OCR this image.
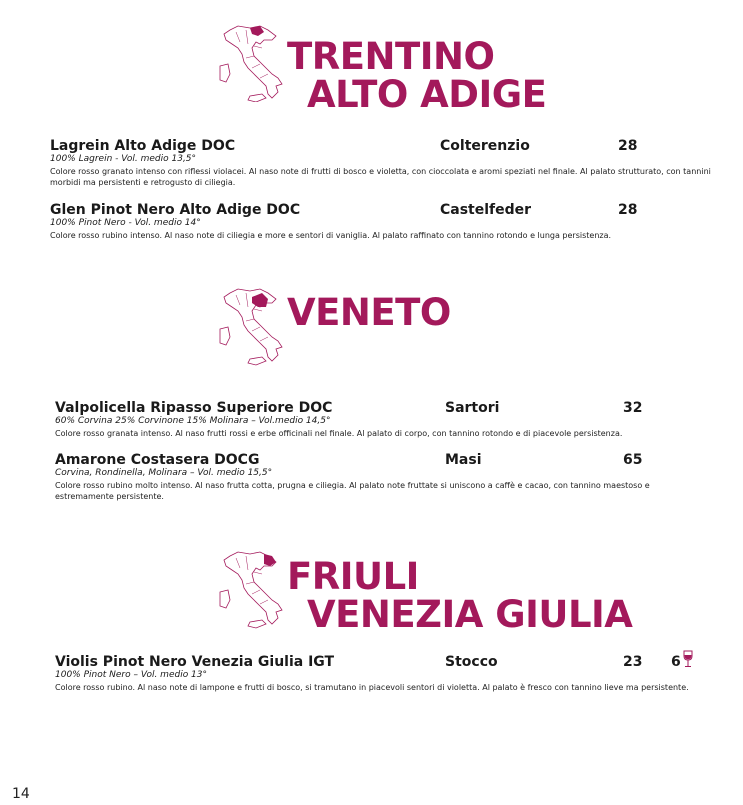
TRENTINO
ALTO ADIGE
Lagrein Alto Adige DOC	Colterenzio	28
100% Lagrein - Vol. medio 13,5°
Colore rosso granato intenso con riflessi violacei. Al naso note di frutti di bosco e violetta, con cioccolata e aromi speziati nel finale. Al palato strutturato, con tannini morbidi ma persistenti e retrogusto di ciliegia.
Glen Pinot Nero Alto Adige DOC	Castelfeder	28
100% Pinot Nero - Vol. medio 14°
Colore rosso rubino intenso. Al naso note di ciliegia e more e sentori di vaniglia. Al palato raffinato con tannino rotondo e lunga persistenza.
VENETO
Valpolicella Ripasso Superiore DOC	Sartori	32
60% Corvina 25% Corvinone 15% Molinara – Vol.medio 14,5°
Colore rosso granata intenso. Al naso frutti rossi e erbe officinali nel finale. Al palato di corpo, con tannino rotondo e di piacevole persistenza.
Amarone Costasera DOCG	Masi	65
Corvina, Rondinella, Molinara – Vol. medio 15,5°
Colore rosso rubino molto intenso. Al naso frutta cotta, prugna e ciliegia. Al palato note fruttate si uniscono a caffè e cacao, con tannino maestoso e estremamente persistente.
FRIULI
VENEZIA GIULIA
Violis Pinot Nero Venezia Giulia IGT	Stocco	23 6
100% Pinot Nero – Vol. medio 13°
Colore rosso rubino. Al naso note di lampone e frutti di bosco, si tramutano in piacevoli sentori di violetta. Al palato è fresco con tannino lieve ma persistente.
14
